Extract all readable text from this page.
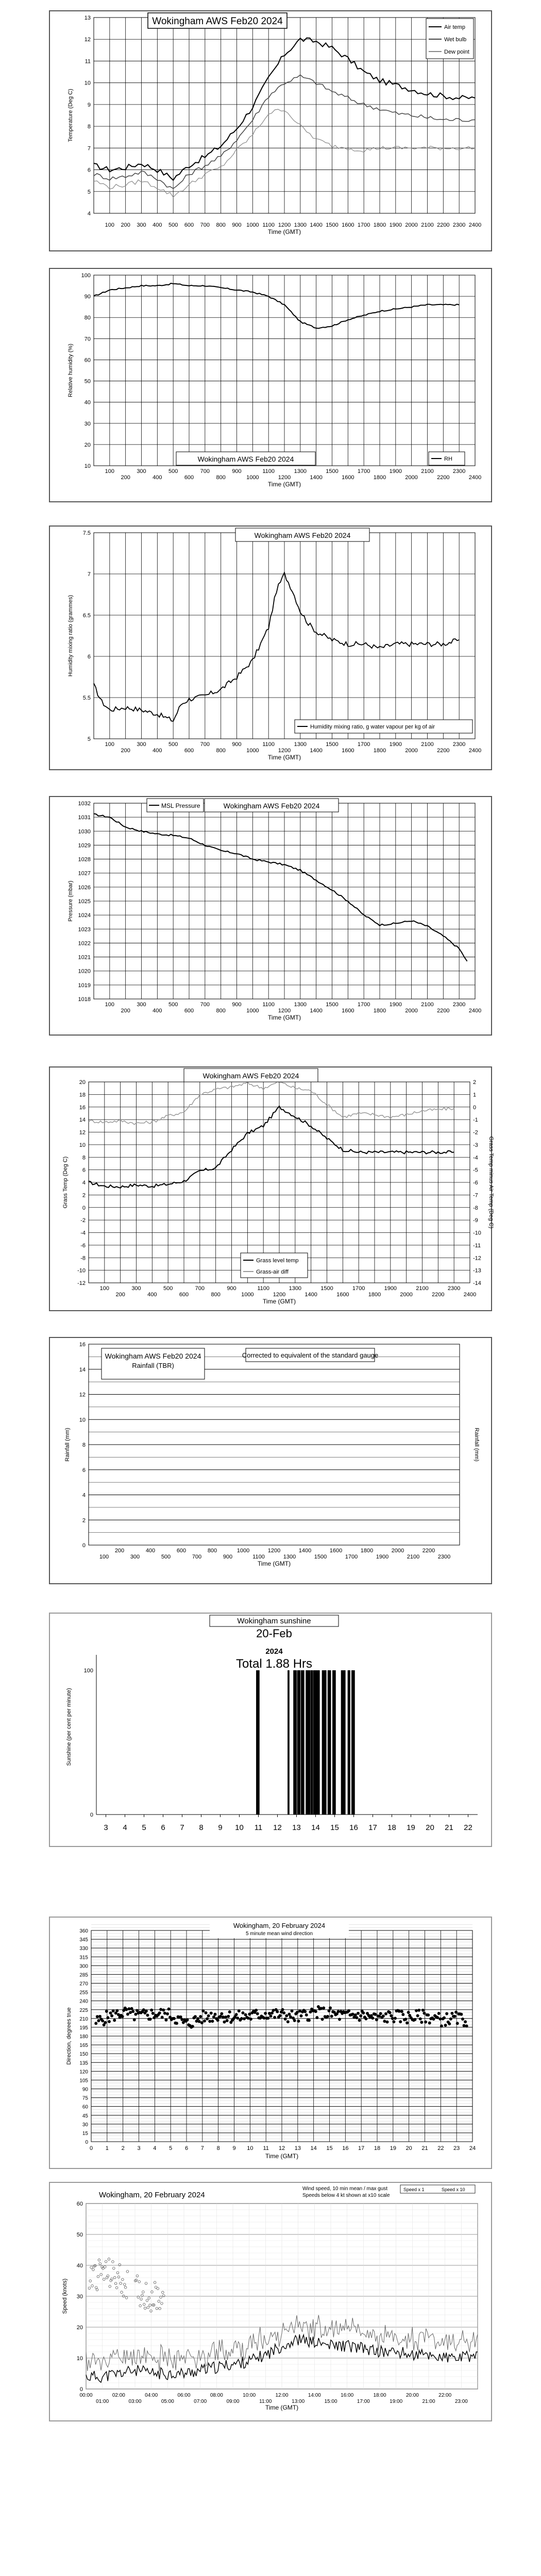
4
5
6
7
8
9
10
11
12
13
100 200 300 400 500 600 700 800 900 1000 1100 1200 1300 1400 1500 1600 1700 1800 1900 2000 2100 2200 2300 2400
Time (GMT)
Temperature (Deg C)
Wokingham AWS Feb20 2024
Air temp
Wet bulb
Dew point
10
20
30
40
50
60
70
80
90
100
100
200
300
400
500
600
700
800
900
1000
1100
1200
1300
1400
1500
1600
1700
1800
1900
2000
2100
2200
2300
2400
Time (GMT)
Relative humidity (%)
Wokingham AWS Feb20 2024	RH
5
5.5
6
6.5
7
7.5
100
200
300
400
500
600
700
800
900
1000
1100
1200
1300
1400
1500
1600
1700
1800
1900
2000
2100
2200
2300
2400
Time (GMT)
Humidity mixing ratio (grammes)
Wokingham AWS Feb20 2024
Humidity mixing ratio, g water vapour per kg of air
1018
1019
1020
1021
1022
1023
1024
1025
1026
1027
1028
1029
1030
1031
1032
100
200
300
400
500
600
700
800
900
1000
1100
1200
1300
1400
1500
1600
1700
1800
1900
2000
2100
2200
2300
2400
Time (GMT)
Pressure (mbar)
MSL Pressure	Wokingham AWS Feb20 2024
-12
-10
-8
-6
-4
-2
0
2
4
6
8
10
12
14
16
18
20
100
200
300
400
500
600
700
800
900
1000
1100
1200
1300
1400
1500
1600
1700
1800
1900
2000
2100
2200
2300
2400
Time (GMT)
Grass Temp (Deg C)
-14
-13
-12
-11
-10
-9
-8
-7
-6
-5
-4
-3
-2
-1
0
1
2
Grass Temp minus Air Temp (Deg C)
Wokingham AWS Feb20 2024
Grass level temp
Grass-air diff
0
2
4
6
8
10
12
14
16
100
200
300
400
500
600
700
800
900
1000
1100
1200
1300
1400
1500
1600
1700
1800
1900
2000
2100
2200
2300
Time (GMT)
Rainfall (mm)	Rainfall (mm)
Wokingham AWS Feb20 2024
Rainfall (TBR)
Corrected to equivalent of the standard gauge
100
0
Sunshine (per cent per minute)
3 4 5 6 7 8 9 10 11 12 13 14 15 16 17 18 19 20 21 22
Wokingham sunshine
20-Feb
2024
Total 1.88 Hrs
0
15
30
45
60
75
90
105
120
135
150
165
180
195
210
225
240
255
270
285
300
315
330
345
360
0 1 2 3 4 5 6 7 8 9 10 11 12 13 14 15 16 17 18 19 20 21 22 23 24
Time (GMT)
Direction, degrees true
Wokingham, 20 February 2024
5 minute mean wind direction
0
10
20
30
40
50
60
00:00
01:00
02:00
03:00
04:00
05:00
06:00
07:00
08:00
09:00
10:00
11:00
12:00
13:00
14:00
15:00
16:00
17:00
18:00
19:00
20:00
21:00
22:00
23:00
Time (GMT)
Speed (knots)
Wokingham, 20 February 2024
Wind speed, 10 min mean / max gust
Speeds below 4 kt shown at x10 scale
Speed x 1	Speed x 10
